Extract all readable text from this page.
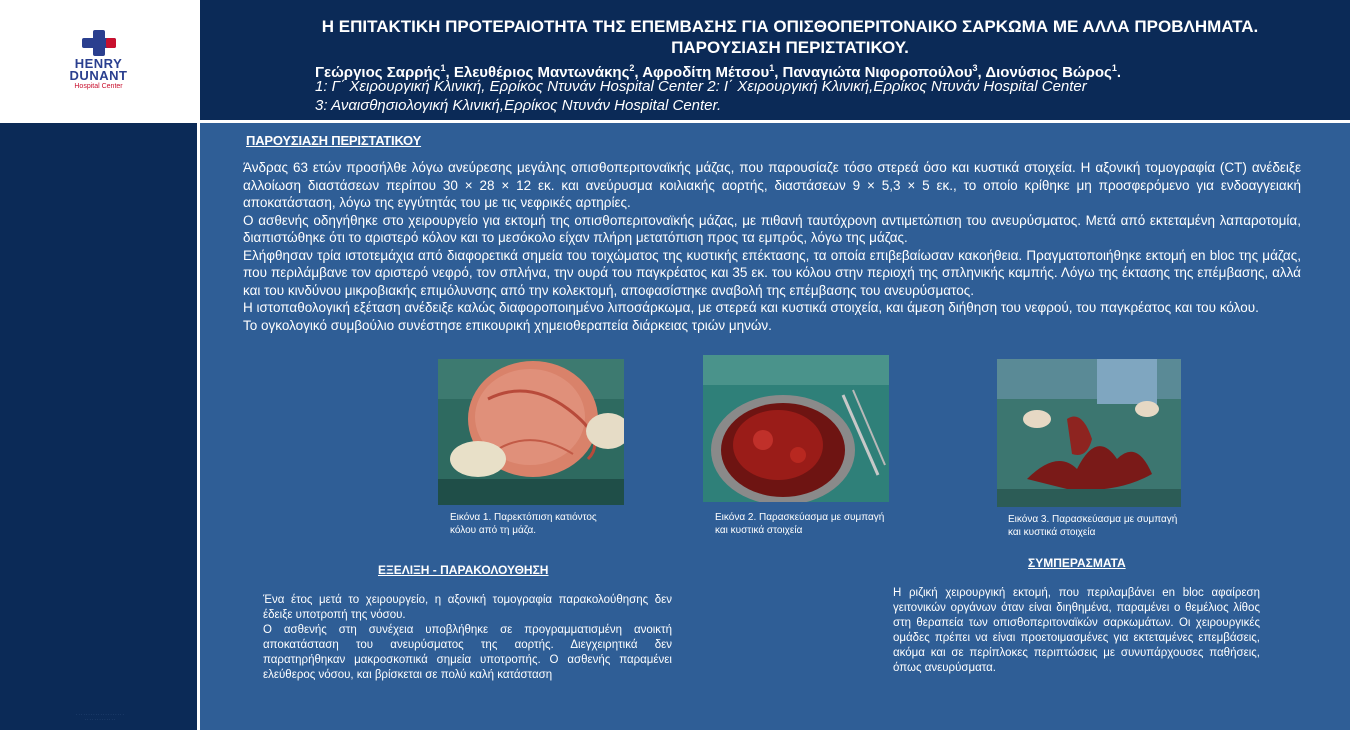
HENRY
DUNANT
Hospital Center
· · · · · · · · · · · · · · · · · · · ·
· · · · · · · · · · · · ·
Η ΕΠΙΤΑΚΤΙΚΗ ΠΡΟΤΕΡΑΙΟΤΗΤΑ ΤΗΣ ΕΠΕΜΒΑΣΗΣ ΓΙΑ ΟΠΙΣΘΟΠΕΡΙΤΟΝΑΙΚΟ ΣΑΡΚΩΜΑ ΜΕ ΑΛΛΑ ΠΡΟΒΛΗΜΑΤΑ.
ΠΑΡΟΥΣΙΑΣΗ ΠΕΡΙΣΤΑΤΙΚΟΥ.
Γεώργιος Σαρρής$^1$, Ελευθέριος Μαντωνάκης$^2$, Αφροδίτη Μέτσου$^1$, Παναγιώτα Νιφοροπούλου$^3$, Διονύσιος Βώρος$^1$.
1: Γ΄ Χειρουργική Κλινική, Ερρίκος Ντυνάν Hospital Center 2: Ι΄ Χειρουργική Κλινική,Ερρίκος Ντυνάν Hospital Center
3: Αναισθησιολογική Κλινική,Ερρίκος Ντυνάν Hospital Center.
ΠΑΡΟΥΣΙΑΣΗ ΠΕΡΙΣΤΑΤΙΚΟΥ

Άνδρας 63 ετών προσήλθε λόγω ανεύρεσης μεγάλης οπισθοπεριτοναϊκής μάζας, που παρουσίαζε τόσο στερεά όσο και κυστικά στοιχεία. Η αξονική τομογραφία (CT) ανέδειξε αλλοίωση διαστάσεων περίπου 30 × 28 × 12 εκ. και ανεύρυσμα κοιλιακής αορτής, διαστάσεων 9 × 5,3 × 5 εκ., το οποίο κρίθηκε μη προσφερόμενο για ενδοαγγειακή αποκατάσταση, λόγω της εγγύτητάς του με τις νεφρικές αρτηρίες.

Ο ασθενής οδηγήθηκε στο χειρουργείο για εκτομή της οπισθοπεριτοναϊκής μάζας, με πιθανή ταυτόχρονη αντιμετώπιση του ανευρύσματος. Μετά από εκτεταμένη λαπαροτομία, διαπιστώθηκε ότι το αριστερό κόλον και το μεσόκολο είχαν πλήρη μετατόπιση προς τα εμπρός, λόγω της μάζας.

Ελήφθησαν τρία ιστοτεμάχια από διαφορετικά σημεία του τοιχώματος της κυστικής επέκτασης, τα οποία επιβεβαίωσαν κακοήθεια. Πραγματοποιήθηκε εκτομή en bloc της μάζας, που περιλάμβανε τον αριστερό νεφρό, τον σπλήνα, την ουρά του παγκρέατος και 35 εκ. του κόλου στην περιοχή της σπληνικής καμπής. Λόγω της έκτασης της επέμβασης, αλλά και του κινδύνου μικροβιακής επιμόλυνσης από την κολεκτομή, αποφασίστηκε αναβολή της επέμβασης του ανευρύσματος.

Η ιστοπαθολογική εξέταση ανέδειξε καλώς διαφοροποιημένο λιποσάρκωμα, με στερεά και κυστικά στοιχεία, και άμεση διήθηση του νεφρού, του παγκρέατος και του κόλου.

Το ογκολογικό συμβούλιο συνέστησε επικουρική χημειοθεραπεία διάρκειας τριών μηνών.

Εικόνα 1. Παρεκτόπιση κατιόντος κόλου από τη μάζα.
Εικόνα 2. Παρασκεύασμα με συμπαγή και κυστικά στοιχεία
Εικόνα 3. Παρασκεύασμα με συμπαγή και κυστικά στοιχεία
ΕΞΕΛΙΞΗ - ΠΑΡΑΚΟΛΟΥΘΗΣΗ

Ένα έτος μετά το χειρουργείο, η αξονική τομογραφία παρακολούθησης δεν έδειξε υποτροπή της νόσου.

Ο ασθενής στη συνέχεια υποβλήθηκε σε προγραμματισμένη ανοικτή αποκατάσταση του ανευρύσματος της αορτής. Διεγχειρητικά δεν παρατηρήθηκαν μακροσκοπικά σημεία υποτροπής. Ο ασθενής παραμένει ελεύθερος νόσου, και βρίσκεται σε πολύ καλή κατάσταση

ΣΥΜΠΕΡΑΣΜΑΤΑ

Η ριζική χειρουργική εκτομή, που περιλαμβάνει en bloc αφαίρεση γειτονικών οργάνων όταν είναι διηθημένα, παραμένει ο θεμέλιος λίθος στη θεραπεία των οπισθοπεριτοναϊκών σαρκωμάτων. Οι χειρουργικές ομάδες πρέπει να είναι προετοιμασμένες για εκτεταμένες επεμβάσεις, ακόμα και σε περίπλοκες περιπτώσεις με συνυπάρχουσες παθήσεις, όπως ανευρύσματα.
